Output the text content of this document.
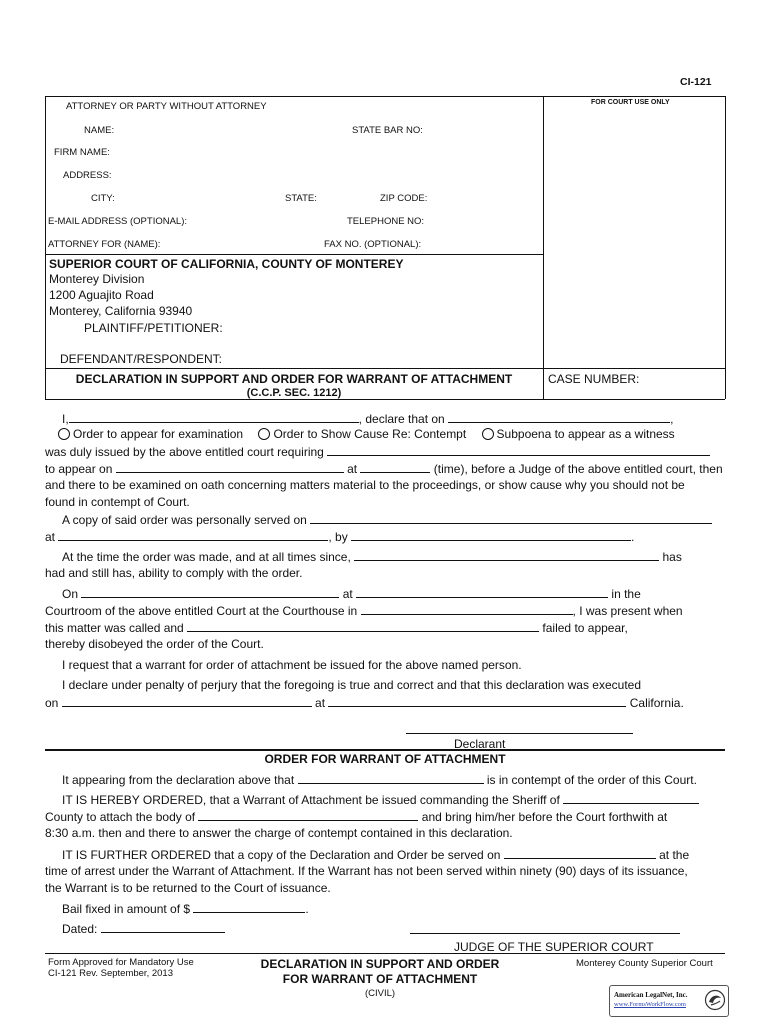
CI-121
ATTORNEY OR PARTY WITHOUT ATTORNEY	FOR COURT USE ONLY
NAME:	STATE BAR NO:
FIRM NAME:
ADDRESS:
CITY:	STATE:	ZIP CODE:
E-MAIL ADDRESS (OPTIONAL):	TELEPHONE NO:
ATTORNEY FOR (NAME):	FAX NO. (OPTIONAL):
SUPERIOR COURT OF CALIFORNIA, COUNTY OF MONTEREY
Monterey Division
1200 Aguajito Road
Monterey, California 93940
PLAINTIFF/PETITIONER:
DEFENDANT/RESPONDENT:
DECLARATION IN SUPPORT AND ORDER FOR WARRANT OF ATTACHMENT
(C.C.P. SEC. 1212)
CASE NUMBER:
I,	, declare that on	,
Order to appear for examination	Order to Show Cause Re: Contempt	Subpoena to appear as a witness
was duly issued by the above entitled court requiring
to appear on	at	(time), before a Judge of the above entitled court, then
and there to be examined on oath concerning matters material to the proceedings, or show cause why you should not be
found in contempt of Court.
A copy of said order was personally served on
at	, by	.
At the time the order was made, and at all times since,	has
had and still has, ability to comply with the order.
On	at	in the
Courtroom of the above entitled Court at the Courthouse in	, I was present when
this matter was called and	failed to appear,
thereby disobeyed the order of the Court.
I request that a warrant for order of attachment be issued for the above named person.
I declare under penalty of perjury that the foregoing is true and correct and that this declaration was executed
on	at	California.
Declarant
ORDER FOR WARRANT OF ATTACHMENT
It appearing from the declaration above that	is in contempt of the order of this Court.
IT IS HEREBY ORDERED, that a Warrant of Attachment be issued commanding the Sheriff of
County to attach the body of	and bring him/her before the Court forthwith at
8:30 a.m. then and there to answer the charge of contempt contained in this declaration.
IT IS FURTHER ORDERED that a copy of the Declaration and Order be served on	at the
time of arrest under the Warrant of Attachment. If the Warrant has not been served within ninety (90) days of its issuance,
the Warrant is to be returned to the Court of issuance.
Bail fixed in amount of $	.
Dated:
JUDGE OF THE SUPERIOR COURT
Form Approved for Mandatory Use
CI-121 Rev. September, 2013
DECLARATION IN SUPPORT AND ORDER
FOR WARRANT OF ATTACHMENT
(CIVIL)
Monterey County Superior Court
American LegalNet, Inc.
www.FormsWorkFlow.com
